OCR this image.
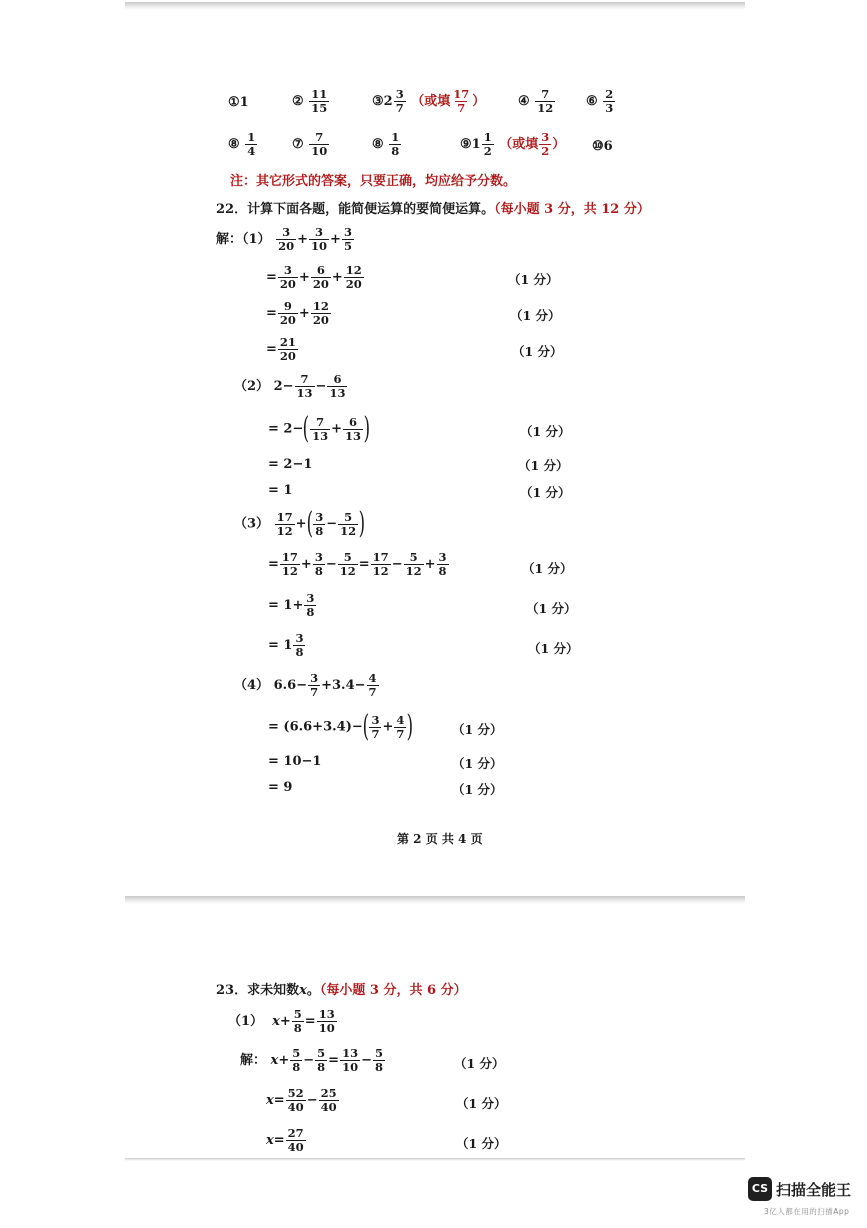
①1	② $\frac{11}{15}$	③2 $\frac{3}{7}$ （或填 $\frac{17}{7}$ ）	④ $\frac{7}{12}$ ⑥ $\frac{2}{3}$
⑧ $\frac{1}{4}$	⑦ $\frac{7}{10}$	⑧ $\frac{1}{8}$	⑨1 $\frac{1}{2}$ （或填 $\frac{3}{2}$ ） ⑩6
注：其它形式的答案，只要正确，均应给予分数。
22．计算下面各题，能简便运算的要简便运算。（每小题 3 分，共 12 分）
解：$(1) \frac{3}{20} + \frac{3}{10} + \frac{3}{5}$
= $\frac{3}{20} + \frac{6}{20} + \frac{12}{20}$	（1 分）
= $\frac{9}{20} + \frac{12}{20}$	（1 分）
= $\frac{21}{20}$	（1 分）
（2） $2- \frac{7}{13} - \frac{6}{13}$
= $2-( \frac{7}{13} + \frac{6}{13}$ )	（1 分）
= 2−1	（1 分）
= 1	（1 分）
$(3) \frac{17}{12}$ +( $\frac{3}{8} - \frac{5}{12}$ )
= $\frac{17}{12} + \frac{3}{8} - \frac{5}{12} = \frac{17}{12} - \frac{5}{12} + \frac{3}{8}$	（1 分）
= $1+ \frac{3}{8}$	（1 分）
= $1 \frac{3}{8}$	（1 分）
（4） $6.6- \frac{3}{7} +3.4- \frac{4}{7}$
= $(6.6+3.4)-( \frac{3}{7} + \frac{4}{7}$ )	（1 分）
= 10−1	（1 分）
= 9	（1 分）
第 2 页 共 4 页
23．求未知数x。（每小题 3 分，共 6 分）
（1） $x+ \frac{5}{8} = \frac{13}{10}$
解： $x+ \frac{5}{8} - \frac{5}{8} = \frac{13}{10} - \frac{5}{8}$	（1 分）
$x= \frac{52}{40} - \frac{25}{40}$	（1 分）
$x= \frac{27}{40}$	（1 分）
CS 扫描全能王
3亿人都在用的扫描App
